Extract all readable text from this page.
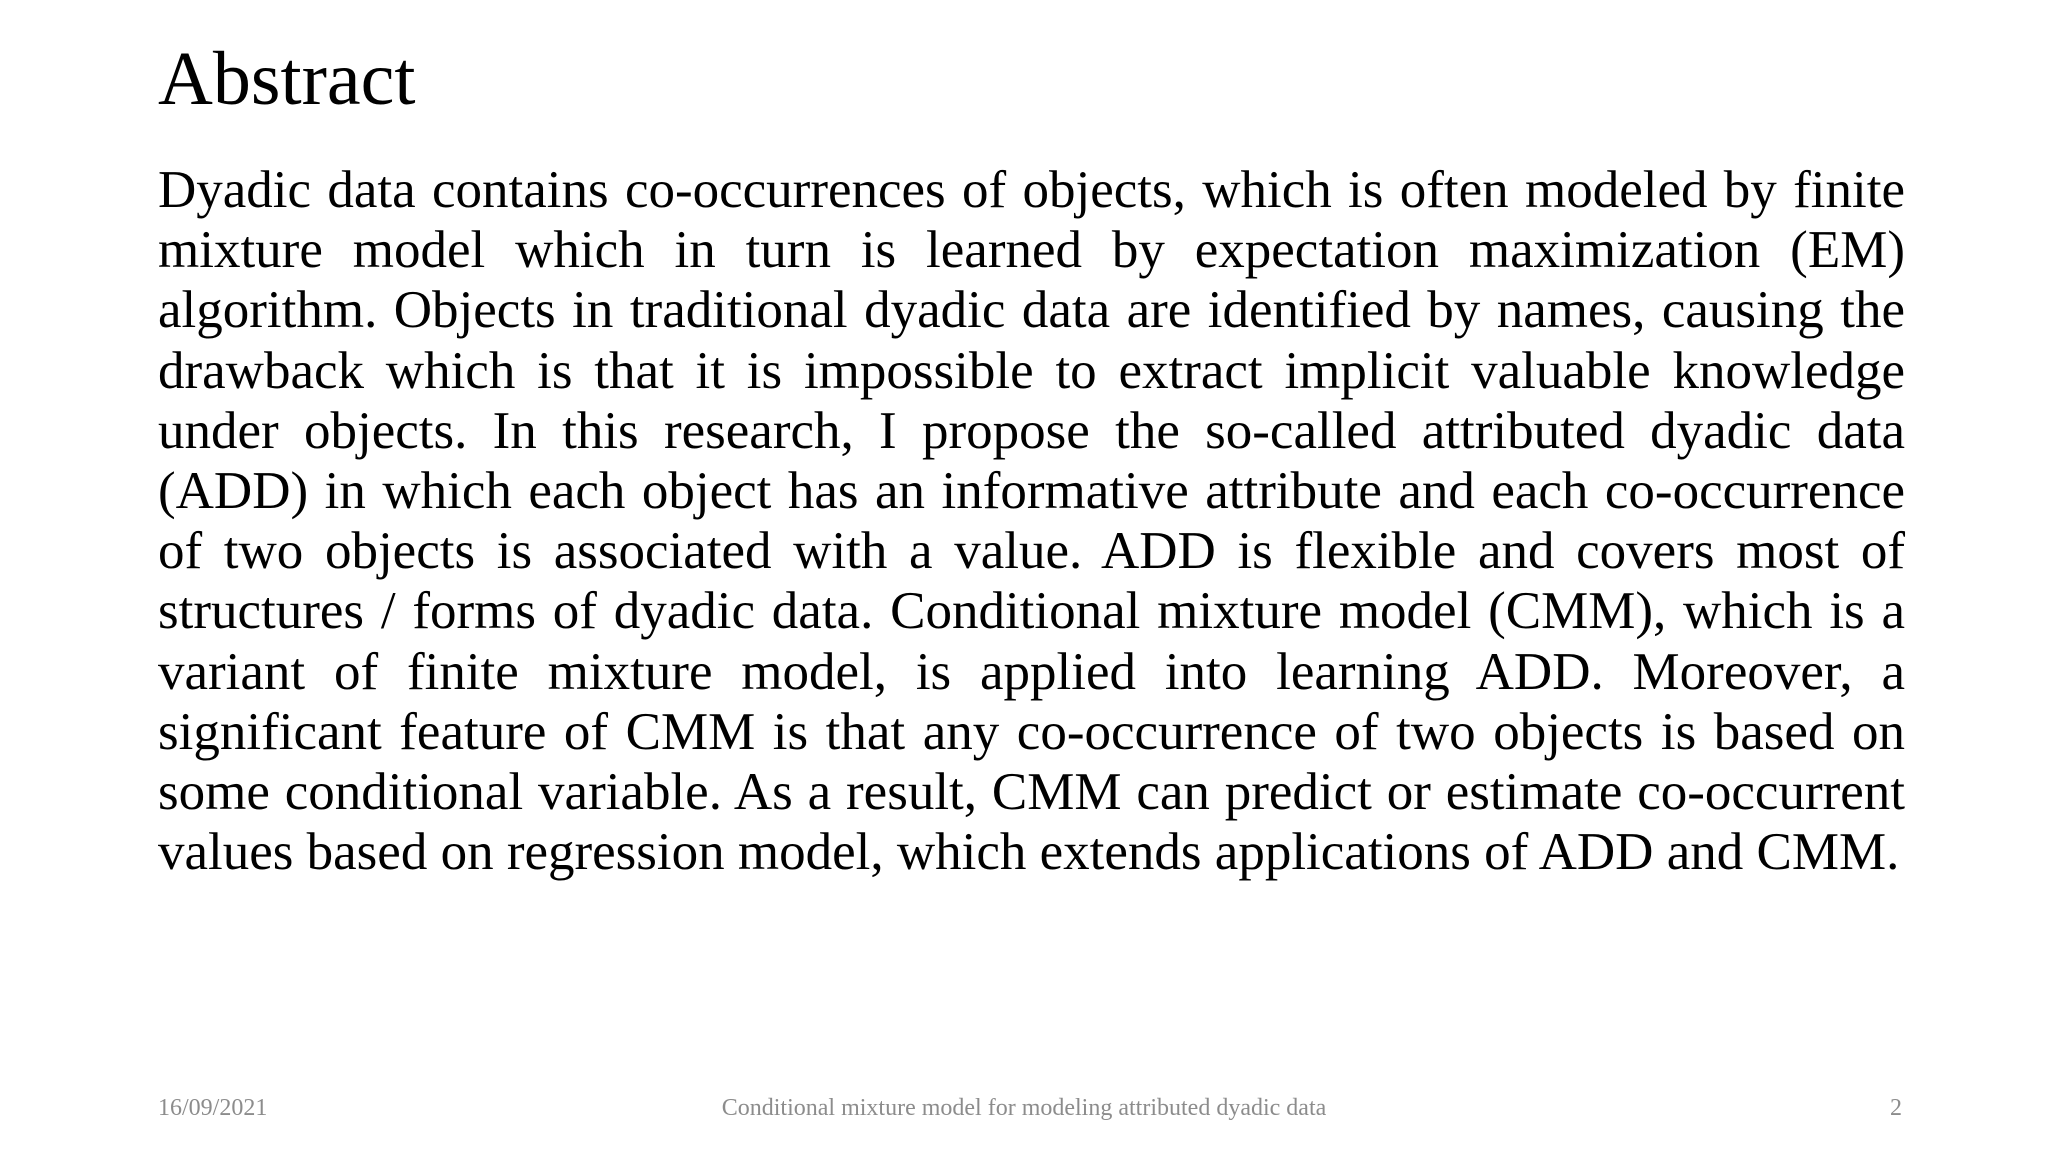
Abstract

Dyadic data contains co-occurrences of objects, which is often modeled by finite mixture model which in turn is learned by expectation maximization (EM) algorithm. Objects in traditional dyadic data are identified by names, causing the drawback which is that it is impossible to extract implicit valuable knowledge under objects. In this research, I propose the so-called attributed dyadic data (ADD) in which each object has an informative attribute and each co-occurrence of two objects is associated with a value. ADD is flexible and covers most of structures / forms of dyadic data. Conditional mixture model (CMM), which is a variant of finite mixture model, is applied into learning ADD. Moreover, a significant feature of CMM is that any co-occurrence of two objects is based on some conditional variable. As a result, CMM can predict or estimate co-occurrent values based on regression model, which extends applications of ADD and CMM.

16/09/2021	Conditional mixture model for modeling attributed dyadic data	2
